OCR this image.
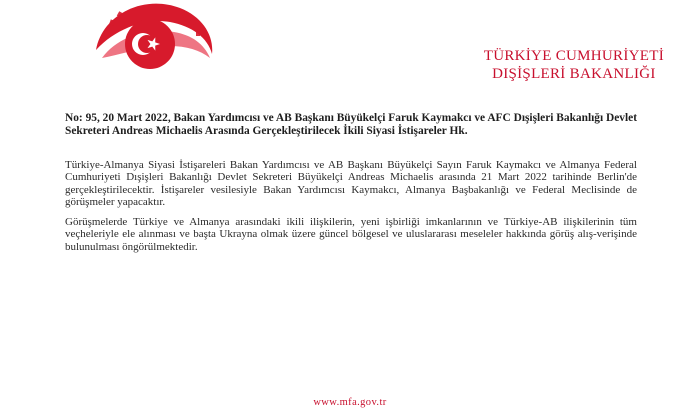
TÜRKİYE CUMHURİYETİ
DIŞİŞLERİ BAKANLIĞI
No: 95, 20 Mart 2022, Bakan Yardımcısı ve AB Başkanı Büyükelçi Faruk Kaymakcı ve AFC Dışişleri Bakanlığı Devlet Sekreteri Andreas Michaelis Arasında Gerçekleştirilecek İkili Siyasi İstişareler Hk.
Türkiye-Almanya Siyasi İstişareleri Bakan Yardımcısı ve AB Başkanı Büyükelçi Sayın Faruk Kaymakcı ve Almanya Federal Cumhuriyeti Dışişleri Bakanlığı Devlet Sekreteri Büyükelçi Andreas Michaelis arasında 21 Mart 2022 tarihinde Berlin'de gerçekleştirilecektir. İstişareler vesilesiyle Bakan Yardımcısı Kaymakcı, Almanya Başbakanlığı ve Federal Meclisinde de görüşmeler yapacaktır.
Görüşmelerde Türkiye ve Almanya arasındaki ikili ilişkilerin, yeni işbirliği imkanlarının ve Türkiye-AB ilişkilerinin tüm veçheleriyle ele alınması ve başta Ukrayna olmak üzere güncel bölgesel ve uluslararası meseleler hakkında görüş alış-verişinde bulunulması öngörülmektedir.
www.mfa.gov.tr
